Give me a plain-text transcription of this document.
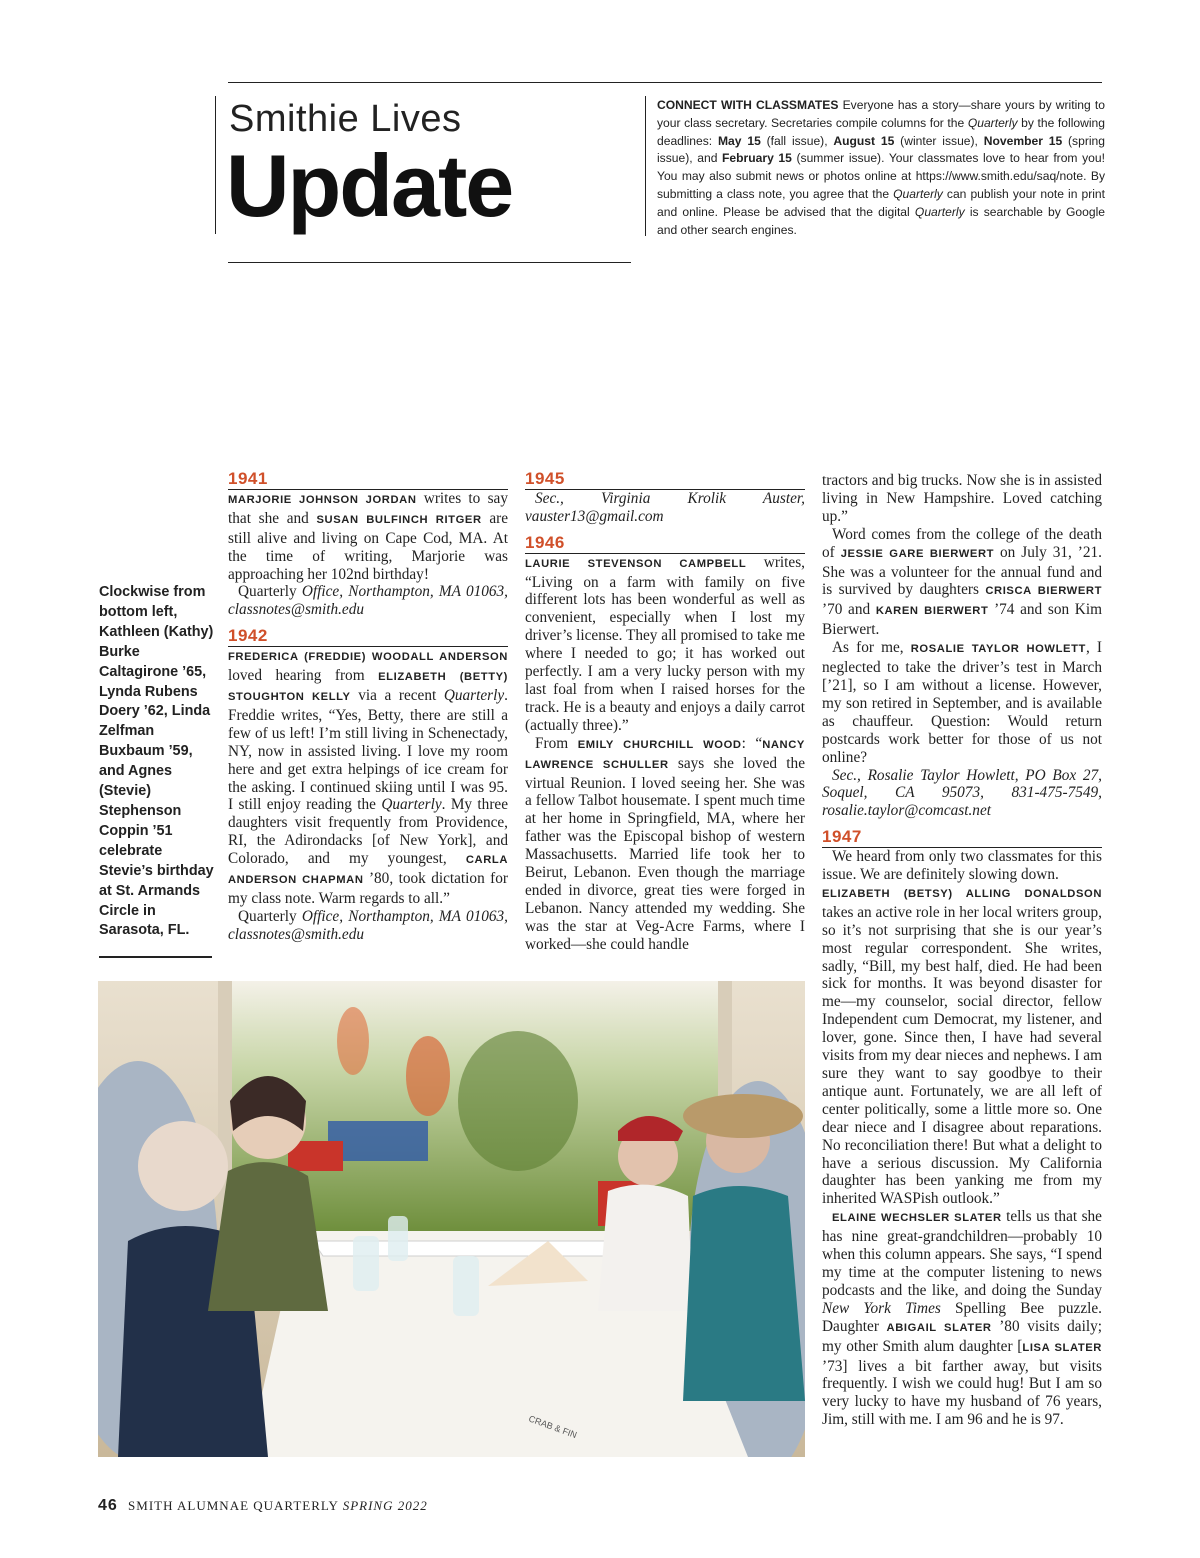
Smithie Lives
Update
CONNECT WITH CLASSMATES Everyone has a story—share yours by writing to your class secretary. Secretaries compile columns for the Quarterly by the following deadlines: May 15 (fall issue), August 15 (winter issue), November 15 (spring issue), and February 15 (summer issue). Your classmates love to hear from you! You may also submit news or photos online at https://www.smith.edu/saq/note. By submitting a class note, you agree that the Quarterly can publish your note in print and online. Please be advised that the digital Quarterly is searchable by Google and other search engines.
Clockwise from bottom left, Kathleen (Kathy) Burke Caltagirone ’65, Lynda Rubens Doery ’62, Linda Zelfman Buxbaum ’59, and Agnes (Stevie) Stephenson Coppin ’51 celebrate Stevie’s birthday at St. Armands Circle in Sarasota, FL.

1941

MARJORIE JOHNSON JORDAN writes to say that she and SUSAN BULFINCH RITGER are still alive and living on Cape Cod, MA. At the time of writing, Marjorie was approaching her 102nd birthday!

Quarterly Office, Northampton, MA 01063, classnotes@smith.edu

1942

FREDERICA (FREDDIE) WOODALL ANDERSON loved hearing from ELIZABETH (BETTY) STOUGHTON KELLY via a recent Quarterly. Freddie writes, “Yes, Betty, there are still a few of us left! I’m still living in Schenectady, NY, now in assisted living. I love my room here and get extra helpings of ice cream for the asking. I continued skiing until I was 95. I still enjoy reading the Quarterly. My three daughters visit frequently from Providence, RI, the Adirondacks [of New York], and Colorado, and my youngest, CARLA ANDERSON CHAPMAN ’80, took dictation for my class note. Warm regards to all.”

Quarterly Office, Northampton, MA 01063, classnotes@smith.edu

1945

Sec., Virginia Krolik Auster, vauster13@gmail.com

1946

LAURIE STEVENSON CAMPBELL writes, “Living on a farm with family on five different lots has been wonderful as well as convenient, especially when I lost my driver’s license. They all promised to take me where I needed to go; it has worked out perfectly. I am a very lucky person with my last foal from when I raised horses for the track. He is a beauty and enjoys a daily carrot (actually three).”

From EMILY CHURCHILL WOOD: “NANCY LAWRENCE SCHULLER says she loved the virtual Reunion. I loved seeing her. She was a fellow Talbot housemate. I spent much time at her home in Springfield, MA, where her father was the Episcopal bishop of western Massachusetts. Married life took her to Beirut, Lebanon. Even though the marriage ended in divorce, great ties were forged in Lebanon. Nancy attended my wedding. She was the star at Veg-Acre Farms, where I worked—she could handle

tractors and big trucks. Now she is in assisted living in New Hampshire. Loved catching up.”

Word comes from the college of the death of JESSIE GARE BIERWERT on July 31, ’21. She was a volunteer for the annual fund and is survived by daughters CRISCA BIERWERT ’70 and KAREN BIERWERT ’74 and son Kim Bierwert.

As for me, ROSALIE TAYLOR HOWLETT, I neglected to take the driver’s test in March [’21], so I am without a license. However, my son retired in September, and is available as chauffeur. Question: Would return postcards work better for those of us not online?

Sec., Rosalie Taylor Howlett, PO Box 27, Soquel, CA 95073, 831-475-7549, rosalie.taylor@comcast.net

1947

We heard from only two classmates for this issue. We are definitely slowing down.

ELIZABETH (BETSY) ALLING DONALDSON takes an active role in her local writers group, so it’s not surprising that she is our year’s most regular correspondent. She writes, sadly, “Bill, my best half, died. He had been sick for months. It was beyond disaster for me—my counselor, social director, fellow Independent cum Democrat, my listener, and lover, gone. Since then, I have had several visits from my dear nieces and nephews. I am sure they want to say goodbye to their antique aunt. Fortunately, we are all left of center politically, some a little more so. One dear niece and I disagree about reparations. No reconciliation there! But what a delight to have a serious discussion. My California daughter has been yanking me from my inherited WASPish outlook.”

ELAINE WECHSLER SLATER tells us that she has nine great-grandchildren—probably 10 when this column appears. She says, “I spend my time at the computer listening to news podcasts and the like, and doing the Sunday New York Times Spelling Bee puzzle. Daughter ABIGAIL SLATER ’80 visits daily; my other Smith alum daughter [LISA SLATER ’73] lives a bit farther away, but visits frequently. I wish we could hug! But I am so very lucky to have my husband of 76 years, Jim, still with me. I am 96 and he is 97.

CRAB & FIN
46 SMITH ALUMNAE QUARTERLY SPRING 2022
